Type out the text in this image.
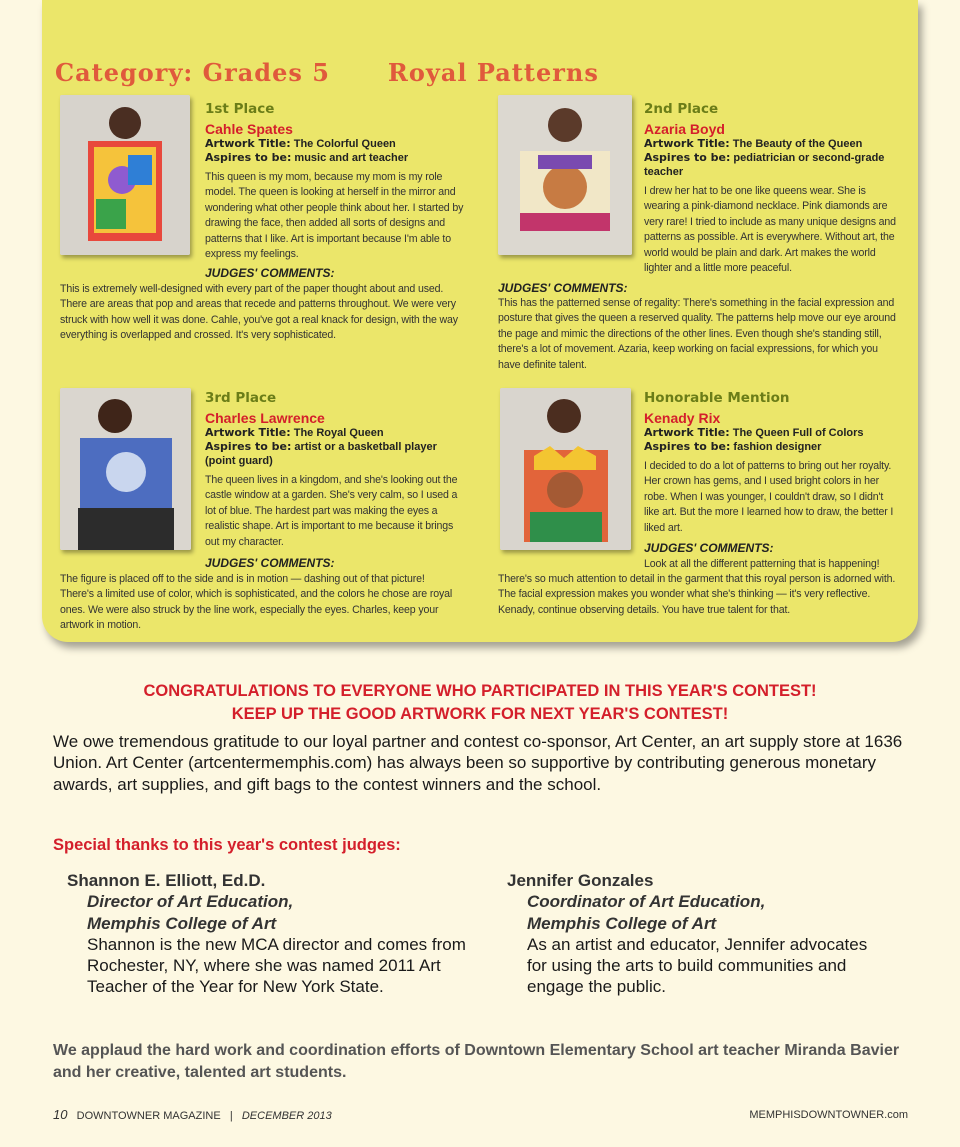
Category: Grades 5 Royal Patterns
1st Place
Cahle Spates
Artwork Title: The Colorful Queen
Aspires to be: music and art teacher
This queen is my mom, because my mom is my role model. The queen is looking at herself in the mirror and wondering what other people think about her. I started by drawing the face, then added all sorts of designs and patterns that I like. Art is important because I'm able to express my feelings.
JUDGES' COMMENTS:
This is extremely well-designed with every part of the paper thought about and used. There are areas that pop and areas that recede and patterns throughout. We were very struck with how well it was done. Cahle, you've got a real knack for design, with the way everything is overlapped and crossed. It's very sophisticated.
2nd Place
Azaria Boyd
Artwork Title: The Beauty of the Queen
Aspires to be: pediatrician or second-grade teacher
I drew her hat to be one like queens wear. She is wearing a pink-diamond necklace. Pink diamonds are very rare! I tried to include as many unique designs and patterns as possible. Art is everywhere. Without art, the world would be plain and dark. Art makes the world lighter and a little more peaceful.
JUDGES' COMMENTS:
This has the patterned sense of regality: There's something in the facial expression and posture that gives the queen a reserved quality. The patterns help move our eye around the page and mimic the directions of the other lines. Even though she's standing still, there's a lot of movement. Azaria, keep working on facial expressions, for which you have definite talent.
3rd Place
Charles Lawrence
Artwork Title: The Royal Queen
Aspires to be: artist or a basketball player (point guard)
The queen lives in a kingdom, and she's looking out the castle window at a garden. She's very calm, so I used a lot of blue. The hardest part was making the eyes a realistic shape. Art is important to me because it brings out my character.
JUDGES' COMMENTS:
The figure is placed off to the side and is in motion — dashing out of that picture! There's a limited use of color, which is sophisticated, and the colors he chose are royal ones. We were also struck by the line work, especially the eyes. Charles, keep your artwork in motion.
Honorable Mention
Kenady Rix
Artwork Title: The Queen Full of Colors
Aspires to be: fashion designer
I decided to do a lot of patterns to bring out her royalty. Her crown has gems, and I used bright colors in her robe. When I was younger, I couldn't draw, so I didn't like art. But the more I learned how to draw, the better I liked art.
JUDGES' COMMENTS:
Look at all the different patterning that is happening!
There's so much attention to detail in the garment that this royal person is adorned with. The facial expression makes you wonder what she's thinking — it's very reflective. Kenady, continue observing details. You have true talent for that.
CONGRATULATIONS TO EVERYONE WHO PARTICIPATED IN THIS YEAR'S CONTEST!
KEEP UP THE GOOD ARTWORK FOR NEXT YEAR'S CONTEST!
We owe tremendous gratitude to our loyal partner and contest co-sponsor, Art Center, an art supply store at 1636 Union. Art Center (artcentermemphis.com) has always been so supportive by contributing generous monetary awards, art supplies, and gift bags to the contest winners and the school.
Special thanks to this year's contest judges:
Shannon E. Elliott, Ed.D.
Director of Art Education,
Memphis College of Art
Shannon is the new MCA director and comes from Rochester, NY, where she was named 2011 Art Teacher of the Year for New York State.
Jennifer Gonzales
Coordinator of Art Education,
Memphis College of Art
As an artist and educator, Jennifer advocates for using the arts to build communities and engage the public.
We applaud the hard work and coordination efforts of Downtown Elementary School art teacher Miranda Bavier and her creative, talented art students.
10 DOWNTOWNER MAGAZINE | DECEMBER 2013	MEMPHISDOWNTOWNER.com
